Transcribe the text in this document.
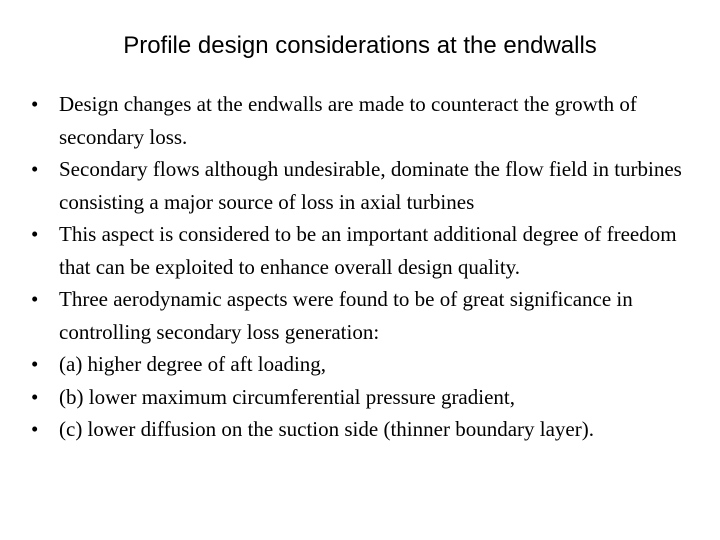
Profile design considerations at the endwalls
• Design changes at the endwalls are made to counteract the growth of secondary loss.
• Secondary flows although undesirable, dominate the flow field in turbines consisting a major source of loss in axial turbines
• This aspect is considered to be an important additional degree of freedom that can be exploited to enhance overall design quality.
• Three aerodynamic aspects were found to be of great significance in controlling secondary loss generation:
• (a) higher degree of aft loading,
• (b) lower maximum circumferential pressure gradient,
• (c) lower diffusion on the suction side (thinner boundary layer).
